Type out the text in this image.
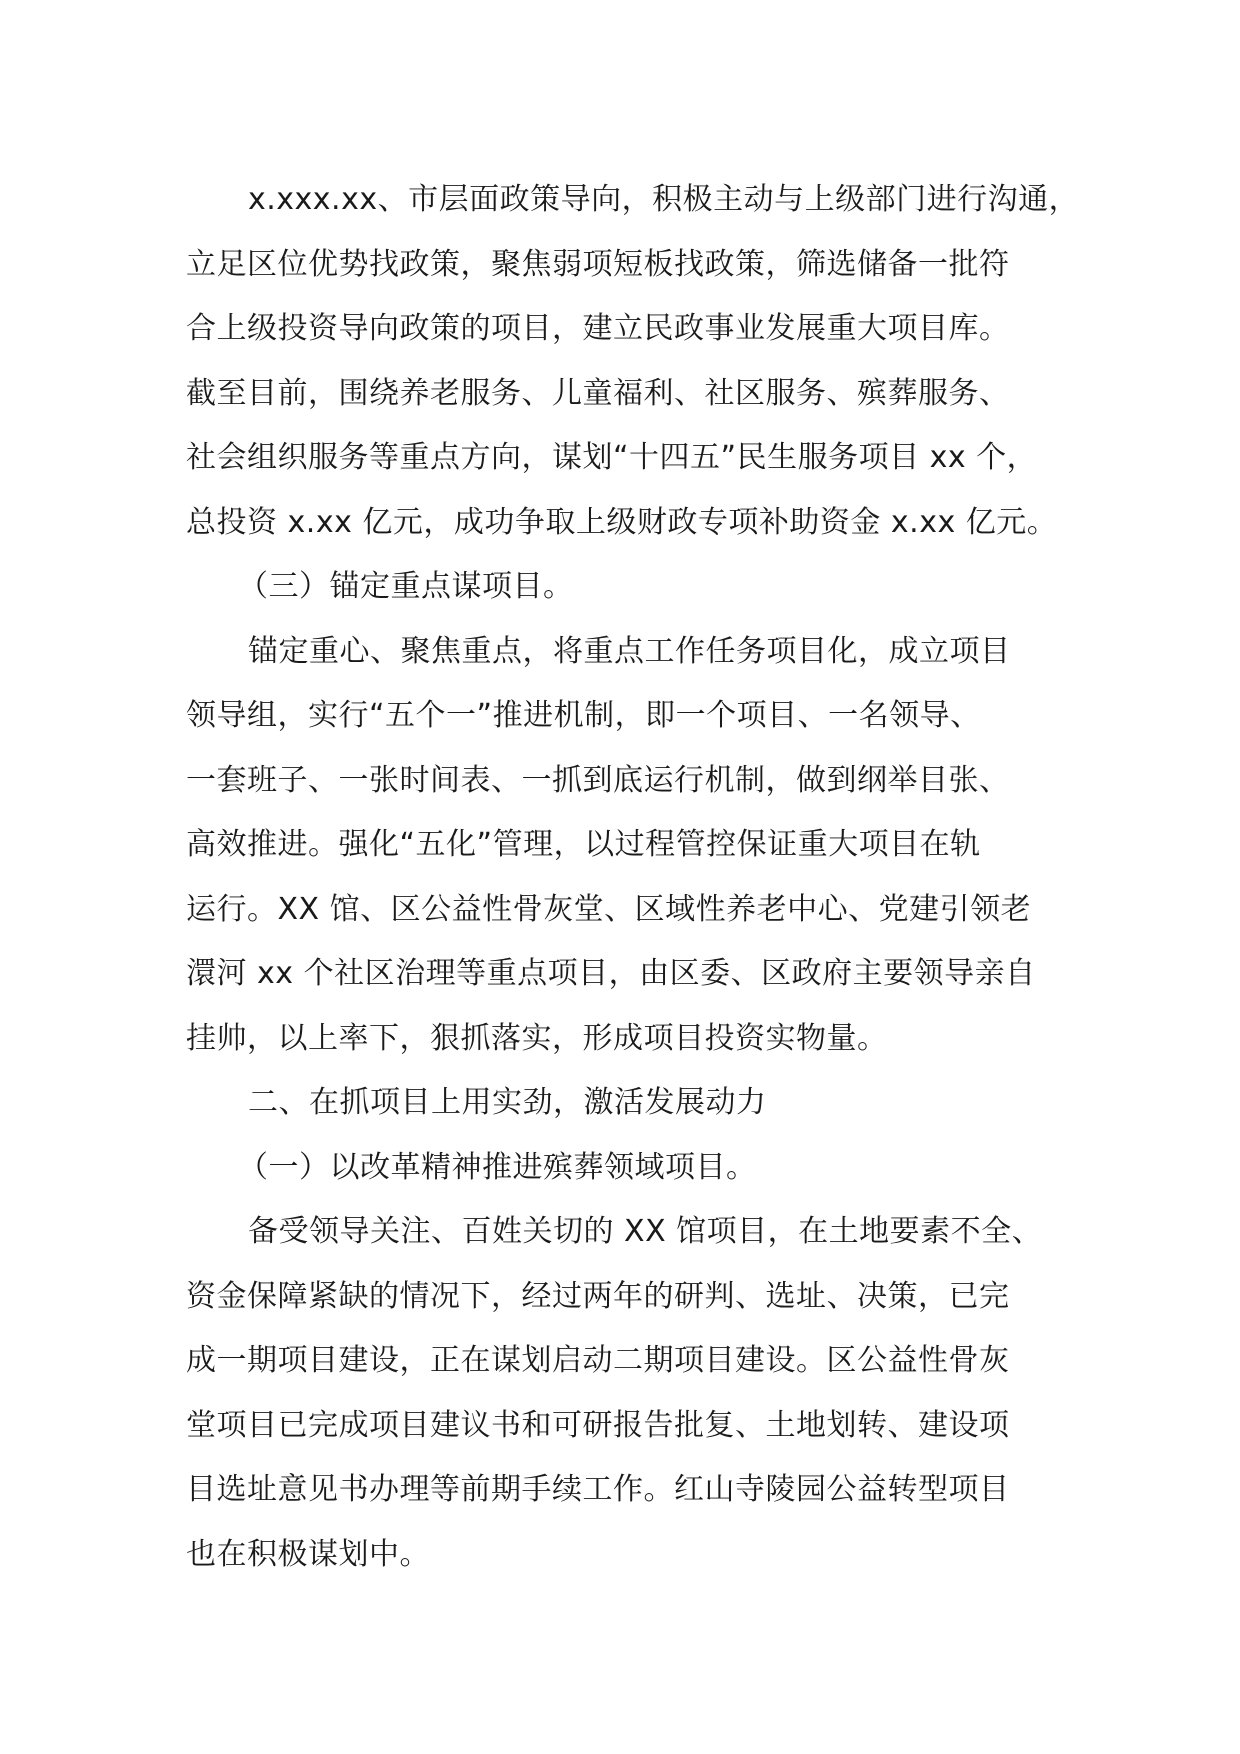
x.xxx.xx、市层面政策导向，积极主动与上级部门进行沟通，
立足区位优势找政策，聚焦弱项短板找政策，筛选储备一批符
合上级投资导向政策的项目，建立民政事业发展重大项目库。
截至目前，围绕养老服务、儿童福利、社区服务、殡葬服务、
社会组织服务等重点方向，谋划“十四五”民生服务项目 xx 个，
总投资 x.xx 亿元，成功争取上级财政专项补助资金 x.xx 亿元。

（三）锚定重点谋项目。

锚定重心、聚焦重点，将重点工作任务项目化，成立项目
领导组，实行“五个一”推进机制，即一个项目、一名领导、
一套班子、一张时间表、一抓到底运行机制，做到纲举目张、
高效推进。强化“五化”管理，以过程管控保证重大项目在轨
运行。XX 馆、区公益性骨灰堂、区域性养老中心、党建引领老
澴河 xx 个社区治理等重点项目，由区委、区政府主要领导亲自
挂帅，以上率下，狠抓落实，形成项目投资实物量。

二、在抓项目上用实劲，激活发展动力

（一）以改革精神推进殡葬领域项目。

备受领导关注、百姓关切的 XX 馆项目，在土地要素不全、
资金保障紧缺的情况下，经过两年的研判、选址、决策，已完
成一期项目建设，正在谋划启动二期项目建设。区公益性骨灰
堂项目已完成项目建议书和可研报告批复、土地划转、建设项
目选址意见书办理等前期手续工作。红山寺陵园公益转型项目
也在积极谋划中。
